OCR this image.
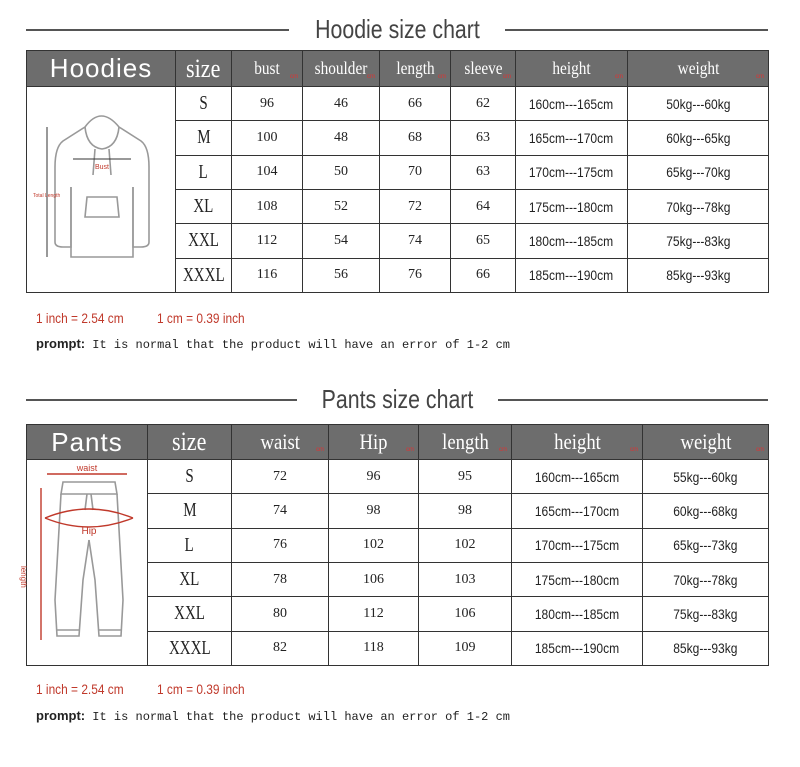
Hoodie size chart
Hoodies	size	bust cm	shoulder cm	length cm	sleeve cm	height cm	weight cm

Bust
Total Length	S	96	46	66	62	160cm---165cm	50kg---60kg
	M	100	48	68	63	165cm---170cm	60kg---65kg
	L	104	50	70	63	170cm---175cm	65kg---70kg
	XL	108	52	72	64	175cm---180cm	70kg---78kg
	XXL	112	54	74	65	180cm---185cm	75kg---83kg
	XXXL	116	56	76	66	185cm---190cm	85kg---93kg
1 inch = 2.54 cm 1 cm = 0.39 inch
prompt: It is normal that the product will have an error of 1-2 cm
Pants size chart
Pants	size	waist cm	Hip cm	length cm	height cm	weight cm

waist
Hip
length	S	72	96	95	160cm---165cm	55kg---60kg
	M	74	98	98	165cm---170cm	60kg---68kg
	L	76	102	102	170cm---175cm	65kg---73kg
	XL	78	106	103	175cm---180cm	70kg---78kg
	XXL	80	112	106	180cm---185cm	75kg---83kg
	XXXL	82	118	109	185cm---190cm	85kg---93kg
1 inch = 2.54 cm 1 cm = 0.39 inch
prompt: It is normal that the product will have an error of 1-2 cm
